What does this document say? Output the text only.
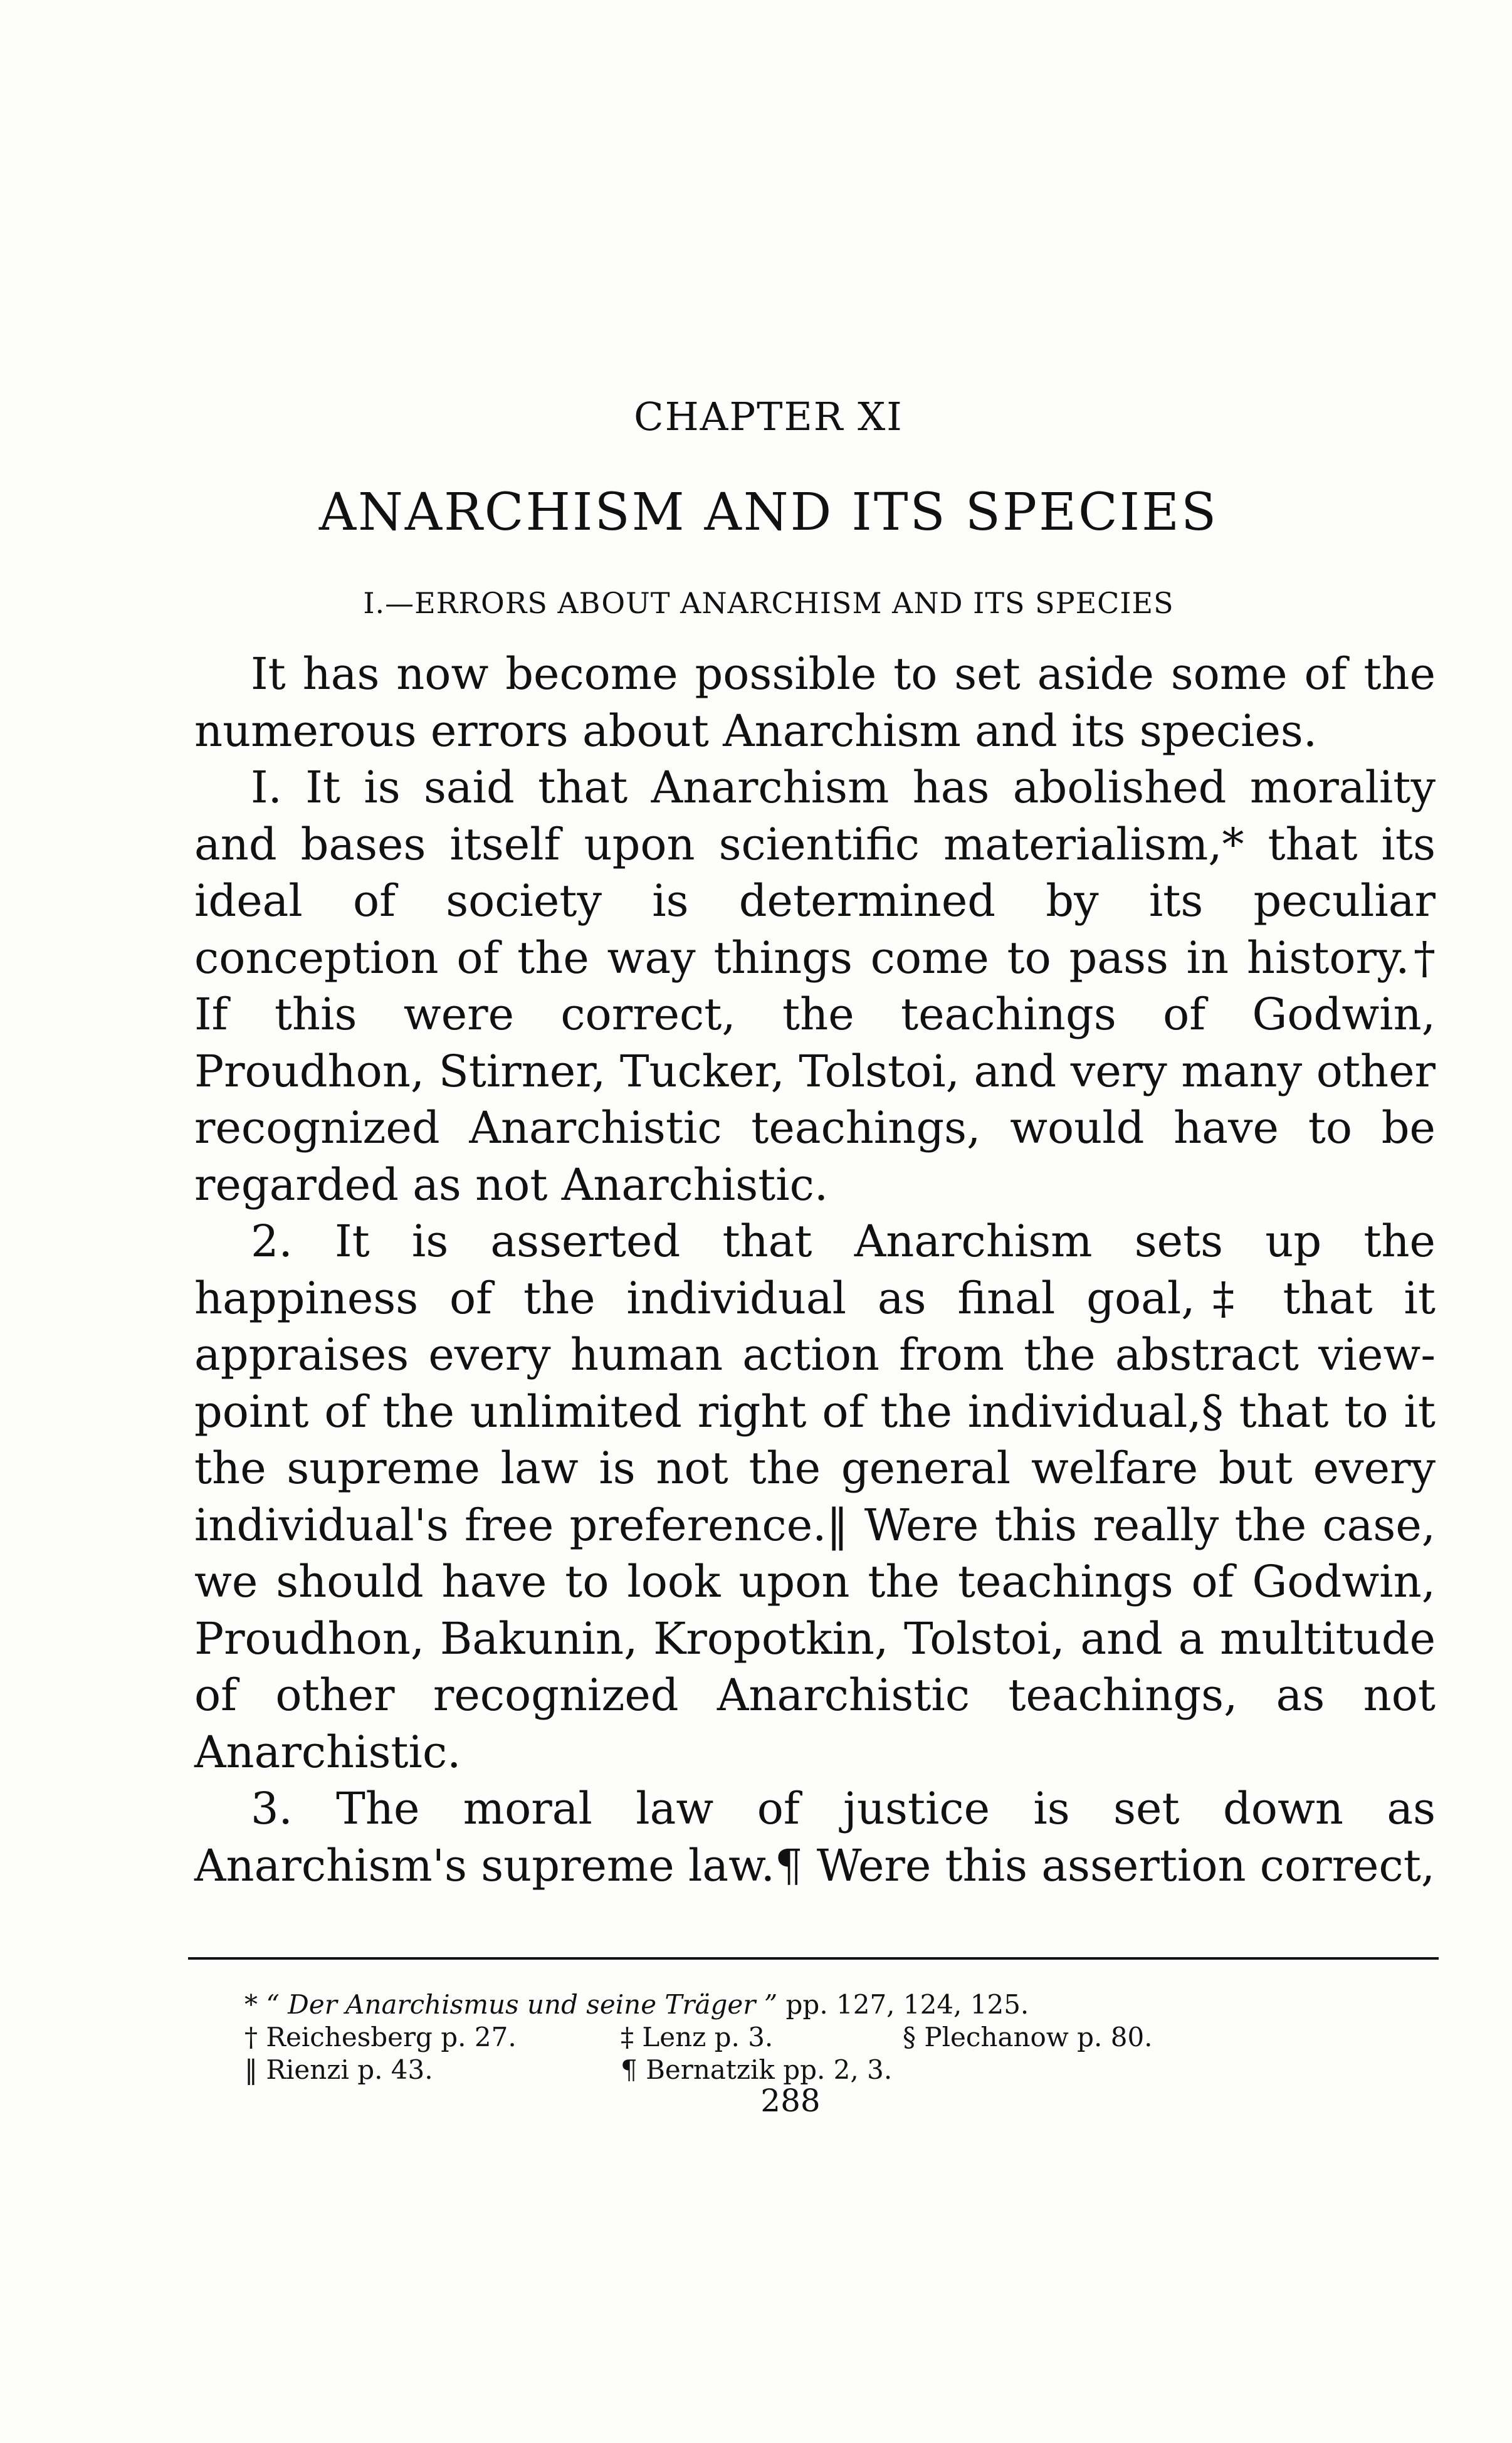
CHAPTER XI
ANARCHISM AND ITS SPECIES
I.—ERRORS ABOUT ANARCHISM AND ITS SPECIES

It has now become possible to set aside some of the numerous errors about Anarchism and its species.

I. It is said that Anarchism has abolished morality and bases itself upon scientific materialism,* that its ideal of society is determined by its peculiar conception of the way things come to pass in history.† If this were correct, the teachings of Godwin, Proudhon, Stirner, Tucker, Tolstoi, and very many other recognized Anarchistic teachings, would have to be regarded as not Anarchistic.

2. It is asserted that Anarchism sets up the happiness of the individual as final goal,‡ that it appraises every human action from the abstract view-point of the unlimited right of the individual,§ that to it the supreme law is not the general welfare but every individual's free preference.‖ Were this really the case, we should have to look upon the teachings of Godwin, Proudhon, Bakunin, Kropotkin, Tolstoi, and a multitude of other recognized Anarchistic teachings, as not Anarchistic.

3. The moral law of justice is set down as Anarchism's supreme law.¶ Were this assertion correct,

*
“ Der Anarchismus und seine Träger ”
pp. 127, 124, 125.
† Reichesberg p. 27.	‡ Lenz p. 3.	§ Plechanow p. 80.
‖ Rienzi p. 43.	¶ Bernatzik pp. 2, 3.
288
